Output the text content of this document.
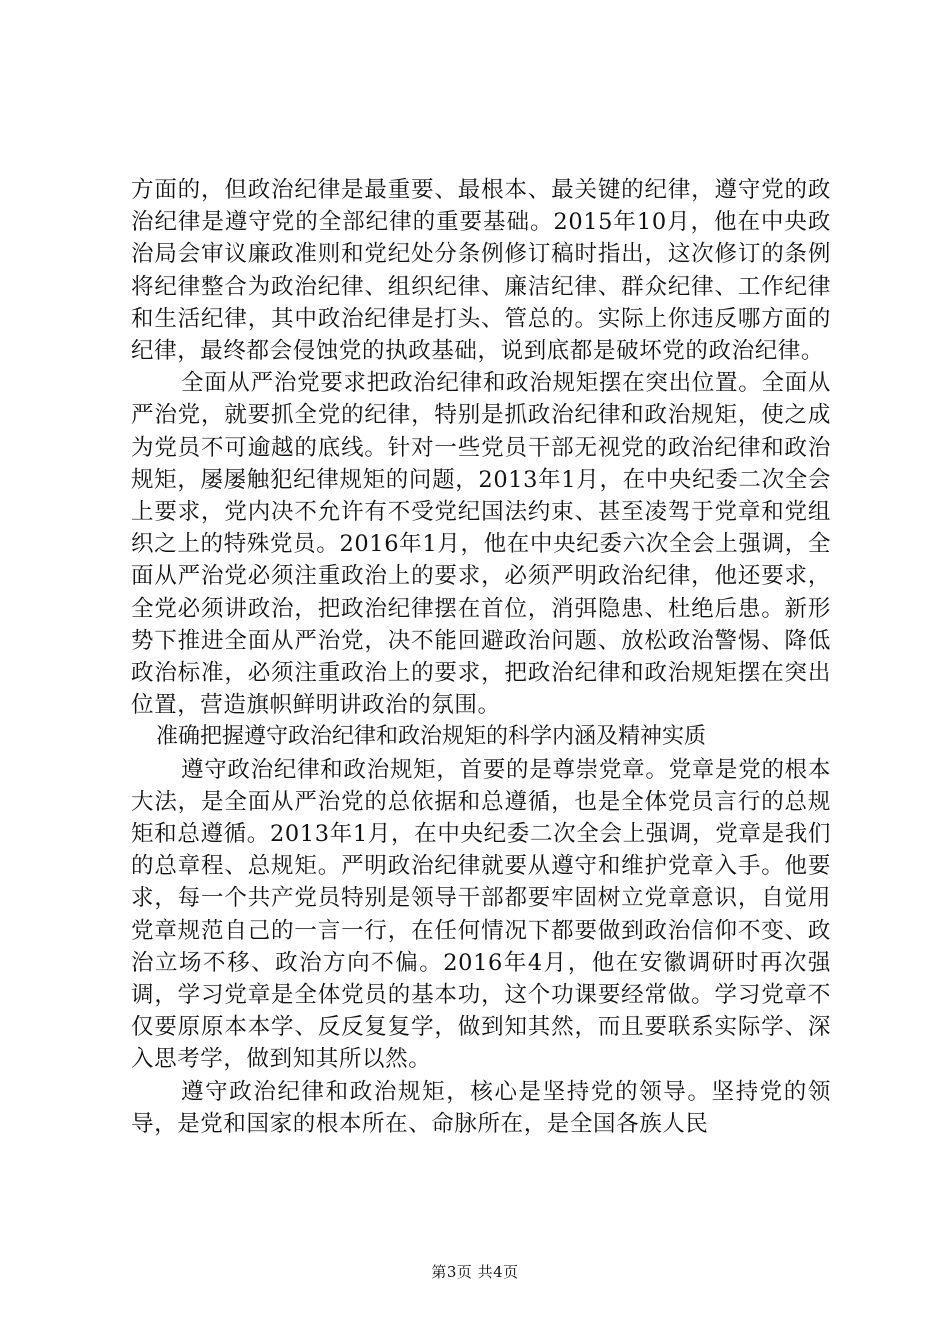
方面的，但政治纪律是最重要、最根本、最关键的纪律，遵守党的政治纪律是遵守党的全部纪律的重要基础。2015年10月，他在中央政治局会审议廉政准则和党纪处分条例修订稿时指出，这次修订的条例将纪律整合为政治纪律、组织纪律、廉洁纪律、群众纪律、工作纪律和生活纪律，其中政治纪律是打头、管总的。实际上你违反哪方面的纪律，最终都会侵蚀党的执政基础，说到底都是破坏党的政治纪律。

全面从严治党要求把政治纪律和政治规矩摆在突出位置。全面从严治党，就要抓全党的纪律，特别是抓政治纪律和政治规矩，使之成为党员不可逾越的底线。针对一些党员干部无视党的政治纪律和政治规矩，屡屡触犯纪律规矩的问题，2013年1月，在中央纪委二次全会上要求，党内决不允许有不受党纪国法约束、甚至凌驾于党章和党组织之上的特殊党员。2016年1月，他在中央纪委六次全会上强调，全面从严治党必须注重政治上的要求，必须严明政治纪律，他还要求，全党必须讲政治，把政治纪律摆在首位，消弭隐患、杜绝后患。新形势下推进全面从严治党，决不能回避政治问题、放松政治警惕、降低政治标准，必须注重政治上的要求，把政治纪律和政治规矩摆在突出位置，营造旗帜鲜明讲政治的氛围。

准确把握遵守政治纪律和政治规矩的科学内涵及精神实质

遵守政治纪律和政治规矩，首要的是尊崇党章。党章是党的根本大法，是全面从严治党的总依据和总遵循，也是全体党员言行的总规矩和总遵循。2013年1月，在中央纪委二次全会上强调，党章是我们的总章程、总规矩。严明政治纪律就要从遵守和维护党章入手。他要求，每一个共产党员特别是领导干部都要牢固树立党章意识，自觉用党章规范自己的一言一行，在任何情况下都要做到政治信仰不变、政治立场不移、政治方向不偏。2016年4月，他在安徽调研时再次强调，学习党章是全体党员的基本功，这个功课要经常做。学习党章不仅要原原本本学、反反复复学，做到知其然，而且要联系实际学、深入思考学，做到知其所以然。

遵守政治纪律和政治规矩，核心是坚持党的领导。坚持党的领导，是党和国家的根本所在、命脉所在，是全国各族人民

第3页 共4页
